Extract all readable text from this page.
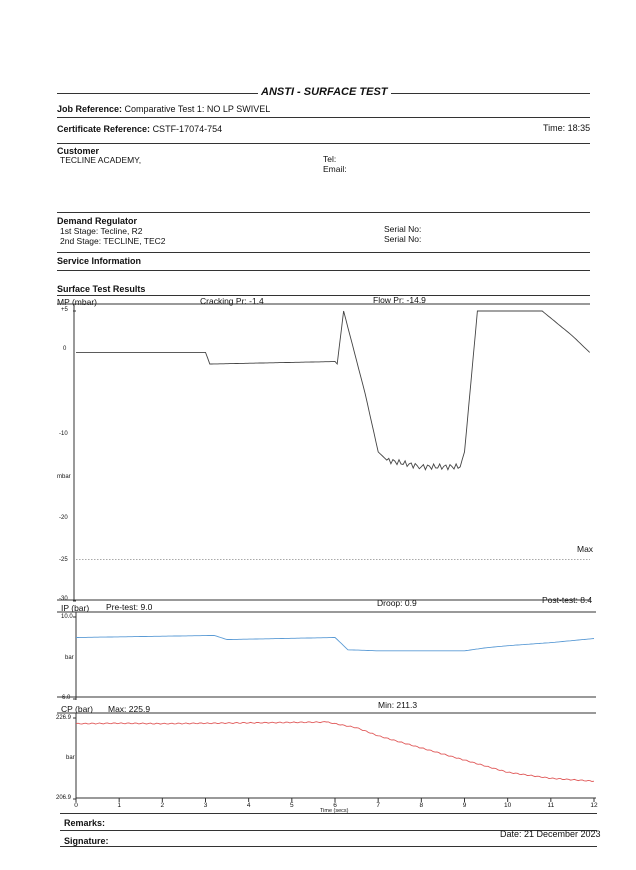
ANSTI - SURFACE TEST
Job Reference: Comparative Test 1: NO LP SWIVEL
Certificate Reference: CSTF-17074-754	Time: 18:35
Customer
TECLINE ACADEMY,	Tel:
Email:
Demand Regulator
1st Stage: Tecline, R2
2nd Stage: TECLINE, TEC2
Serial No:
Serial No:
Service Information
Surface Test Results
MP (mbar)	Cracking Pr: -1.4	Flow Pr: -14.9
Max
+5
0
-10
mbar
-20
-25
-30
IP (bar) Pre-test: 9.0	Droop: 0.9	Post-test: 8.4
10.0
bar
6.0
CP (bar) Max: 225.9	Min: 211.3
226.9
bar
206.9
Time (secs)
Remarks:
Signature:
Date: 21 December 2023
0	1	2	3	4	5	6	7	8	9	10	11	12
